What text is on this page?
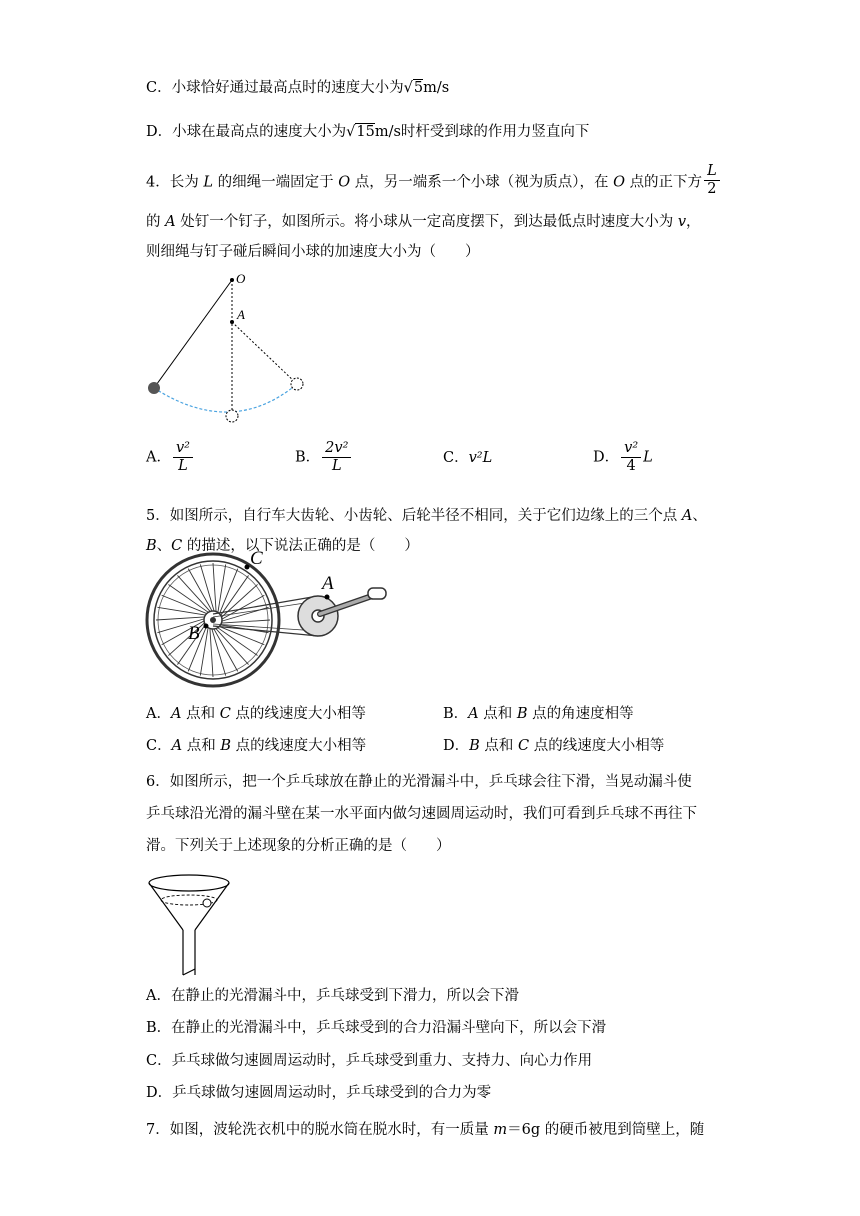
C．小球恰好通过最高点时的速度大小为√5m/s
D．小球在最高点的速度大小为√15m/s时杆受到球的作用力竖直向下
4．长为 L 的细绳一端固定于 O 点，另一端系一个小球（视为质点），在 O 点的正下方 $\frac{L}{2}$
的 A 处钉一个钉子，如图所示。将小球从一定高度摆下，到达最低点时速度大小为 v，
则细绳与钉子碰后瞬间小球的加速度大小为（　　）
O
A
A． $\frac{\text{v²}}{L}$	B． $\frac{\text{2v²}}{L}$	C．v²L	D． $\frac{\text{v²}}{4}$ L
5．如图所示，自行车大齿轮、小齿轮、后轮半径不相同，关于它们边缘上的三个点 A、
B、C 的描述，以下说法正确的是（　　）
C
A
B
A．A 点和 C 点的线速度大小相等	B．A 点和 B 点的角速度相等
C．A 点和 B 点的线速度大小相等	D．B 点和 C 点的线速度大小相等
6．如图所示，把一个乒乓球放在静止的光滑漏斗中，乒乓球会往下滑，当晃动漏斗使
乒乓球沿光滑的漏斗壁在某一水平面内做匀速圆周运动时，我们可看到乒乓球不再往下
滑。下列关于上述现象的分析正确的是（　　）
A．在静止的光滑漏斗中，乒乓球受到下滑力，所以会下滑
B．在静止的光滑漏斗中，乒乓球受到的合力沿漏斗壁向下，所以会下滑
C．乒乓球做匀速圆周运动时，乒乓球受到重力、支持力、向心力作用
D．乒乓球做匀速圆周运动时，乒乓球受到的合力为零
7．如图，波轮洗衣机中的脱水筒在脱水时，有一质量 m＝6g 的硬币被甩到筒壁上，随
